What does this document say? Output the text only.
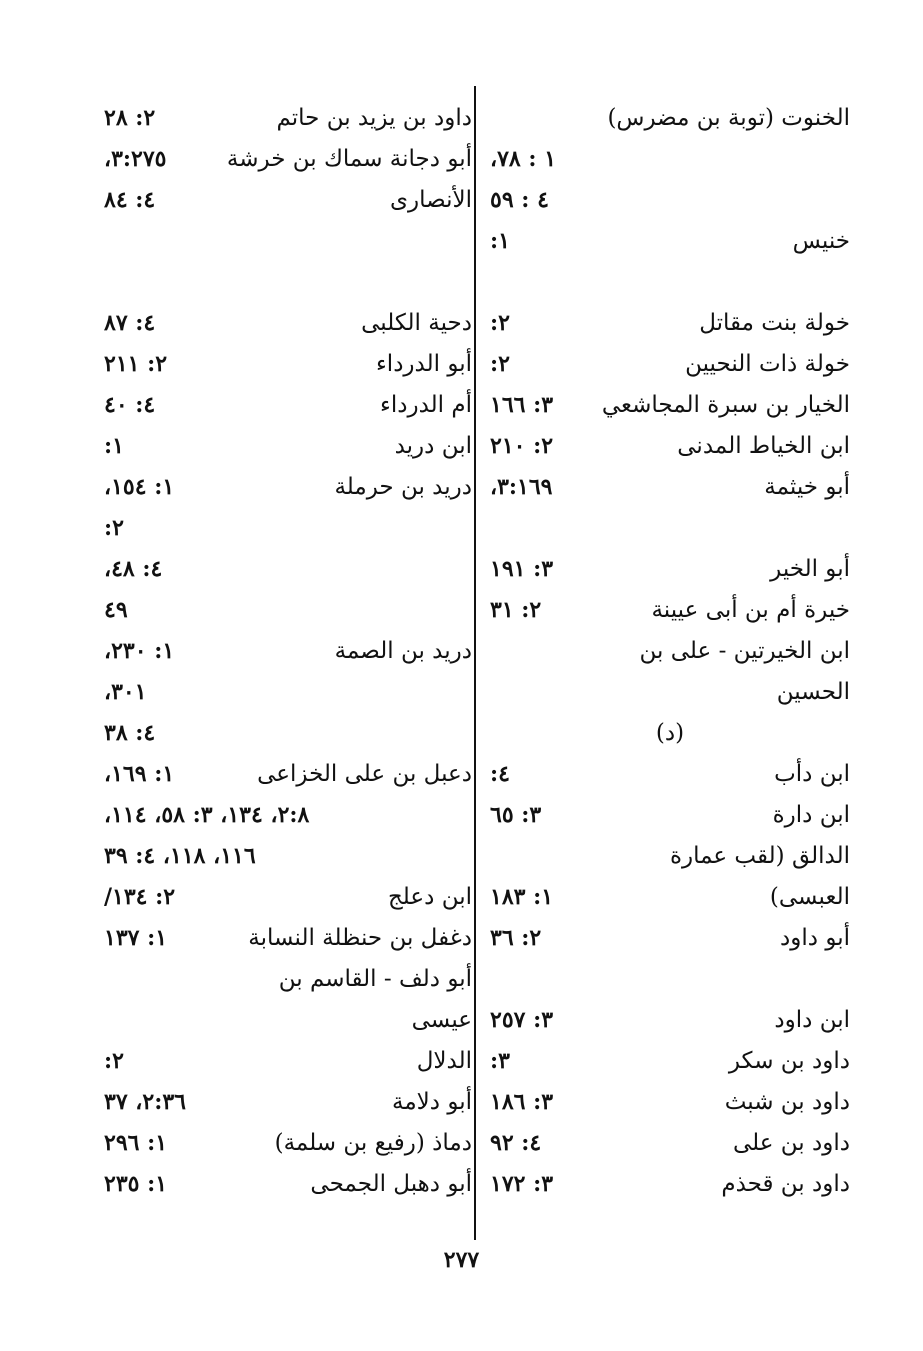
الخنوت (توبة بن مضرس)
١ : ٧٨،
٤ : ٥٩
خنيس
١:
خولة بنت مقاتل
٢:
خولة ذات النحيين
٢:
الخيار بن سبرة المجاشعي
٣: ١٦٦
ابن الخياط المدنى
٢: ٢١٠
أبو خيثمة
٣:١٦٩،
أبو الخير
٣: ١٩١
خيرة أم بن أبى عيينة
٢: ٣١
ابن الخيرتين - على بن
الحسين
(د)
ابن دأب
٤:
ابن دارة
٣: ٦٥
الدالق (لقب عمارة
العبسى)
١: ١٨٣
أبو داود
٢: ٣٦
ابن داود
٣: ٢٥٧
داود بن سكر
٣:
داود بن شبث
٣: ١٨٦
داود بن على
٤: ٩٢
داود بن قحذم
٣: ١٧٢
داود بن يزيد بن حاتم
٢: ٢٨
أبو دجانة سماك بن خرشة
٣:٢٧٥،
الأنصارى
٤: ٨٤
دحية الكلبى
٤: ٨٧
أبو الدرداء
٢: ٢١١
أم الدرداء
٤: ٤٠
ابن دريد
١:
دريد بن حرملة
١: ١٥٤،
٢:
٤: ٤٨،
٤٩
دريد بن الصمة
١: ٢٣٠،
٣٠١،
٤: ٣٨
دعبل بن على الخزاعى
١: ١٦٩،
٢:٨، ١٣٤، ٣: ٥٨، ١١٤،
١١٦، ١١٨، ٤: ٣٩
ابن دعلج
٢: ١٣٤/
دغفل بن حنظلة النسابة
١: ١٣٧
أبو دلف - القاسم بن
عيسى
الدلال
٢:
أبو دلامة
٢:٣٦، ٣٧
دماذ (رفيع بن سلمة)
١: ٢٩٦
أبو دهبل الجمحى
١: ٢٣٥
٢٧٧
